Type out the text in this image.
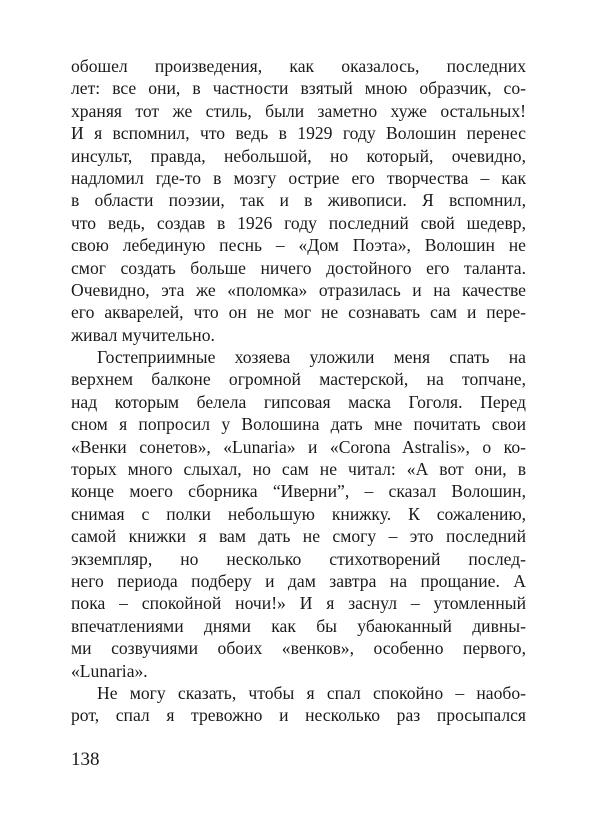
обошел произведения, как оказалось, последних
лет: все они, в частности взятый мною образчик, со-
храняя тот же стиль, были заметно хуже остальных!
И я вспомнил, что ведь в 1929 году Волошин перенес
инсульт, правда, небольшой, но который, очевидно,
надломил где-то в мозгу острие его творчества – как
в области поэзии, так и в живописи. Я вспомнил,
что ведь, создав в 1926 году последний свой шедевр,
свою лебединую песнь – «Дом Поэта», Волошин не
смог создать больше ничего достойного его таланта.
Очевидно, эта же «поломка» отразилась и на качестве
его акварелей, что он не мог не сознавать сам и пере-
живал мучительно.
Гостеприимные хозяева уложили меня спать на
верхнем балконе огромной мастерской, на топчане,
над которым белела гипсовая маска Гоголя. Перед
сном я попросил у Волошина дать мне почитать свои
«Венки сонетов», «Lunaria» и «Corona Astralis», о ко-
торых много слыхал, но сам не читал: «А вот они, в
конце моего сборника “Иверни”, – сказал Волошин,
снимая с полки небольшую книжку. К сожалению,
самой книжки я вам дать не смогу – это последний
экземпляр, но несколько стихотворений послед-
него периода подберу и дам завтра на прощание. А
пока – спокойной ночи!» И я заснул – утомленный
впечатлениями днями как бы убаюканный дивны-
ми созвучиями обоих «венков», особенно первого,
«Lunaria».
Не могу сказать, чтобы я спал спокойно – наобо-
рот, спал я тревожно и несколько раз просыпался
138
